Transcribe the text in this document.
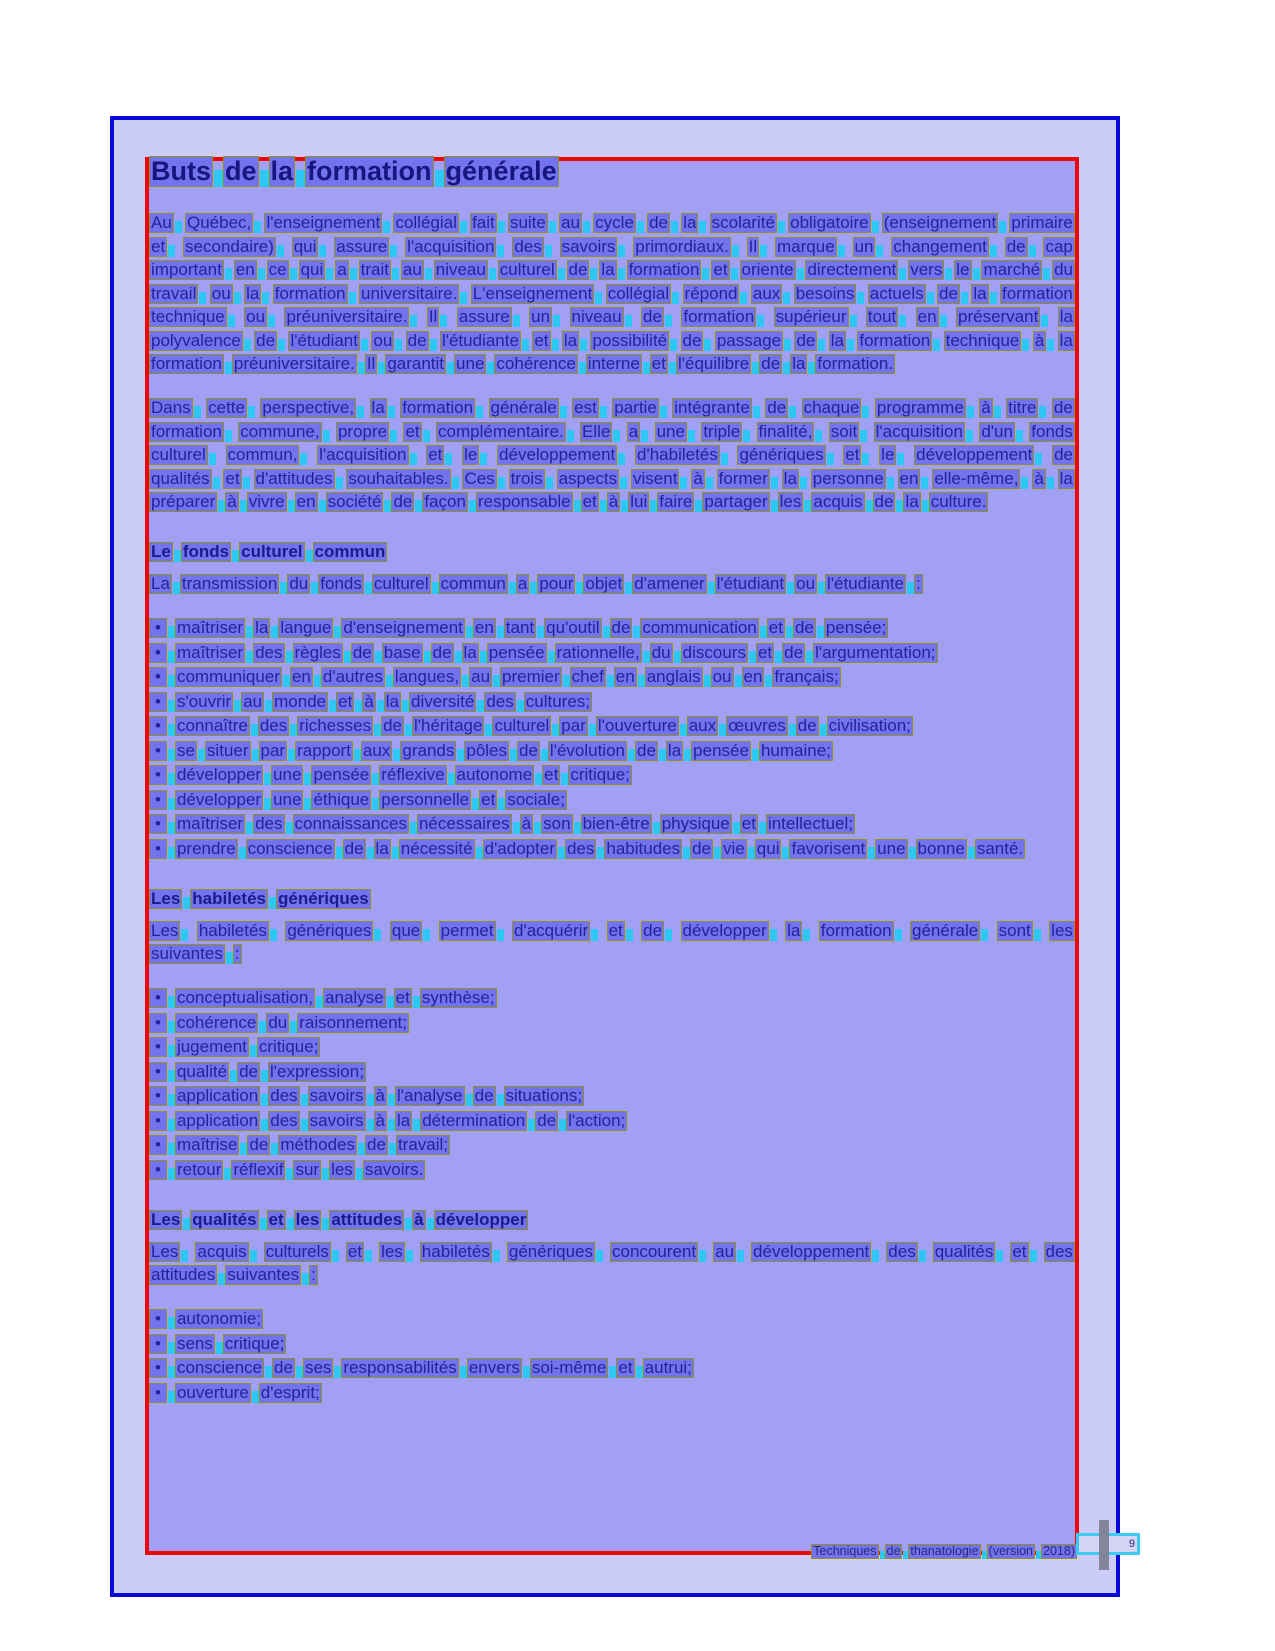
Buts de la formation générale
Au Québec, l'enseignement collégial fait suite au cycle de la scolarité obligatoire (enseignement primaire
et secondaire) qui assure l'acquisition des savoirs primordiaux. Il marque un changement de cap
important en ce qui a trait au niveau culturel de la formation et oriente directement vers le marché du
travail ou la formation universitaire. L'enseignement collégial répond aux besoins actuels de la formation
technique ou préuniversitaire. Il assure un niveau de formation supérieur tout en préservant la
polyvalence de l'étudiant ou de l'étudiante et la possibilité de passage de la formation technique à la
formation préuniversitaire. Il garantit une cohérence interne et l'équilibre de la formation.
Dans cette perspective, la formation générale est partie intégrante de chaque programme à titre de
formation commune, propre et complémentaire. Elle a une triple finalité, soit l'acquisition d'un fonds
culturel commun, l'acquisition et le développement d'habiletés génériques et le développement de
qualités et d'attitudes souhaitables. Ces trois aspects visent à former la personne en elle-même, à la
préparer à vivre en société de façon responsable et à lui faire partager les acquis de la culture.
Le fonds culturel commun
La transmission du fonds culturel commun a pour objet d'amener l'étudiant ou l'étudiante :
• maîtriser la langue d'enseignement en tant qu'outil de communication et de pensée;
• maîtriser des règles de base de la pensée rationnelle, du discours et de l'argumentation;
• communiquer en d'autres langues, au premier chef en anglais ou en français;
• s'ouvrir au monde et à la diversité des cultures;
• connaître des richesses de l'héritage culturel par l'ouverture aux œuvres de civilisation;
• se situer par rapport aux grands pôles de l'évolution de la pensée humaine;
• développer une pensée réflexive autonome et critique;
• développer une éthique personnelle et sociale;
• maîtriser des connaissances nécessaires à son bien-être physique et intellectuel;
• prendre conscience de la nécessité d'adopter des habitudes de vie qui favorisent une bonne santé.
Les habiletés génériques
Les habiletés génériques que permet d'acquérir et de développer la formation générale sont les
suivantes :
• conceptualisation, analyse et synthèse;
• cohérence du raisonnement;
• jugement critique;
• qualité de l'expression;
• application des savoirs à l'analyse de situations;
• application des savoirs à la détermination de l'action;
• maîtrise de méthodes de travail;
• retour réflexif sur les savoirs.
Les qualités et les attitudes à développer
Les acquis culturels et les habiletés génériques concourent au développement des qualités et des
attitudes suivantes :
• autonomie;
• sens critique;
• conscience de ses responsabilités envers soi-même et autrui;
• ouverture d'esprit;
Techniques de thanatologie (version 2018)	9
